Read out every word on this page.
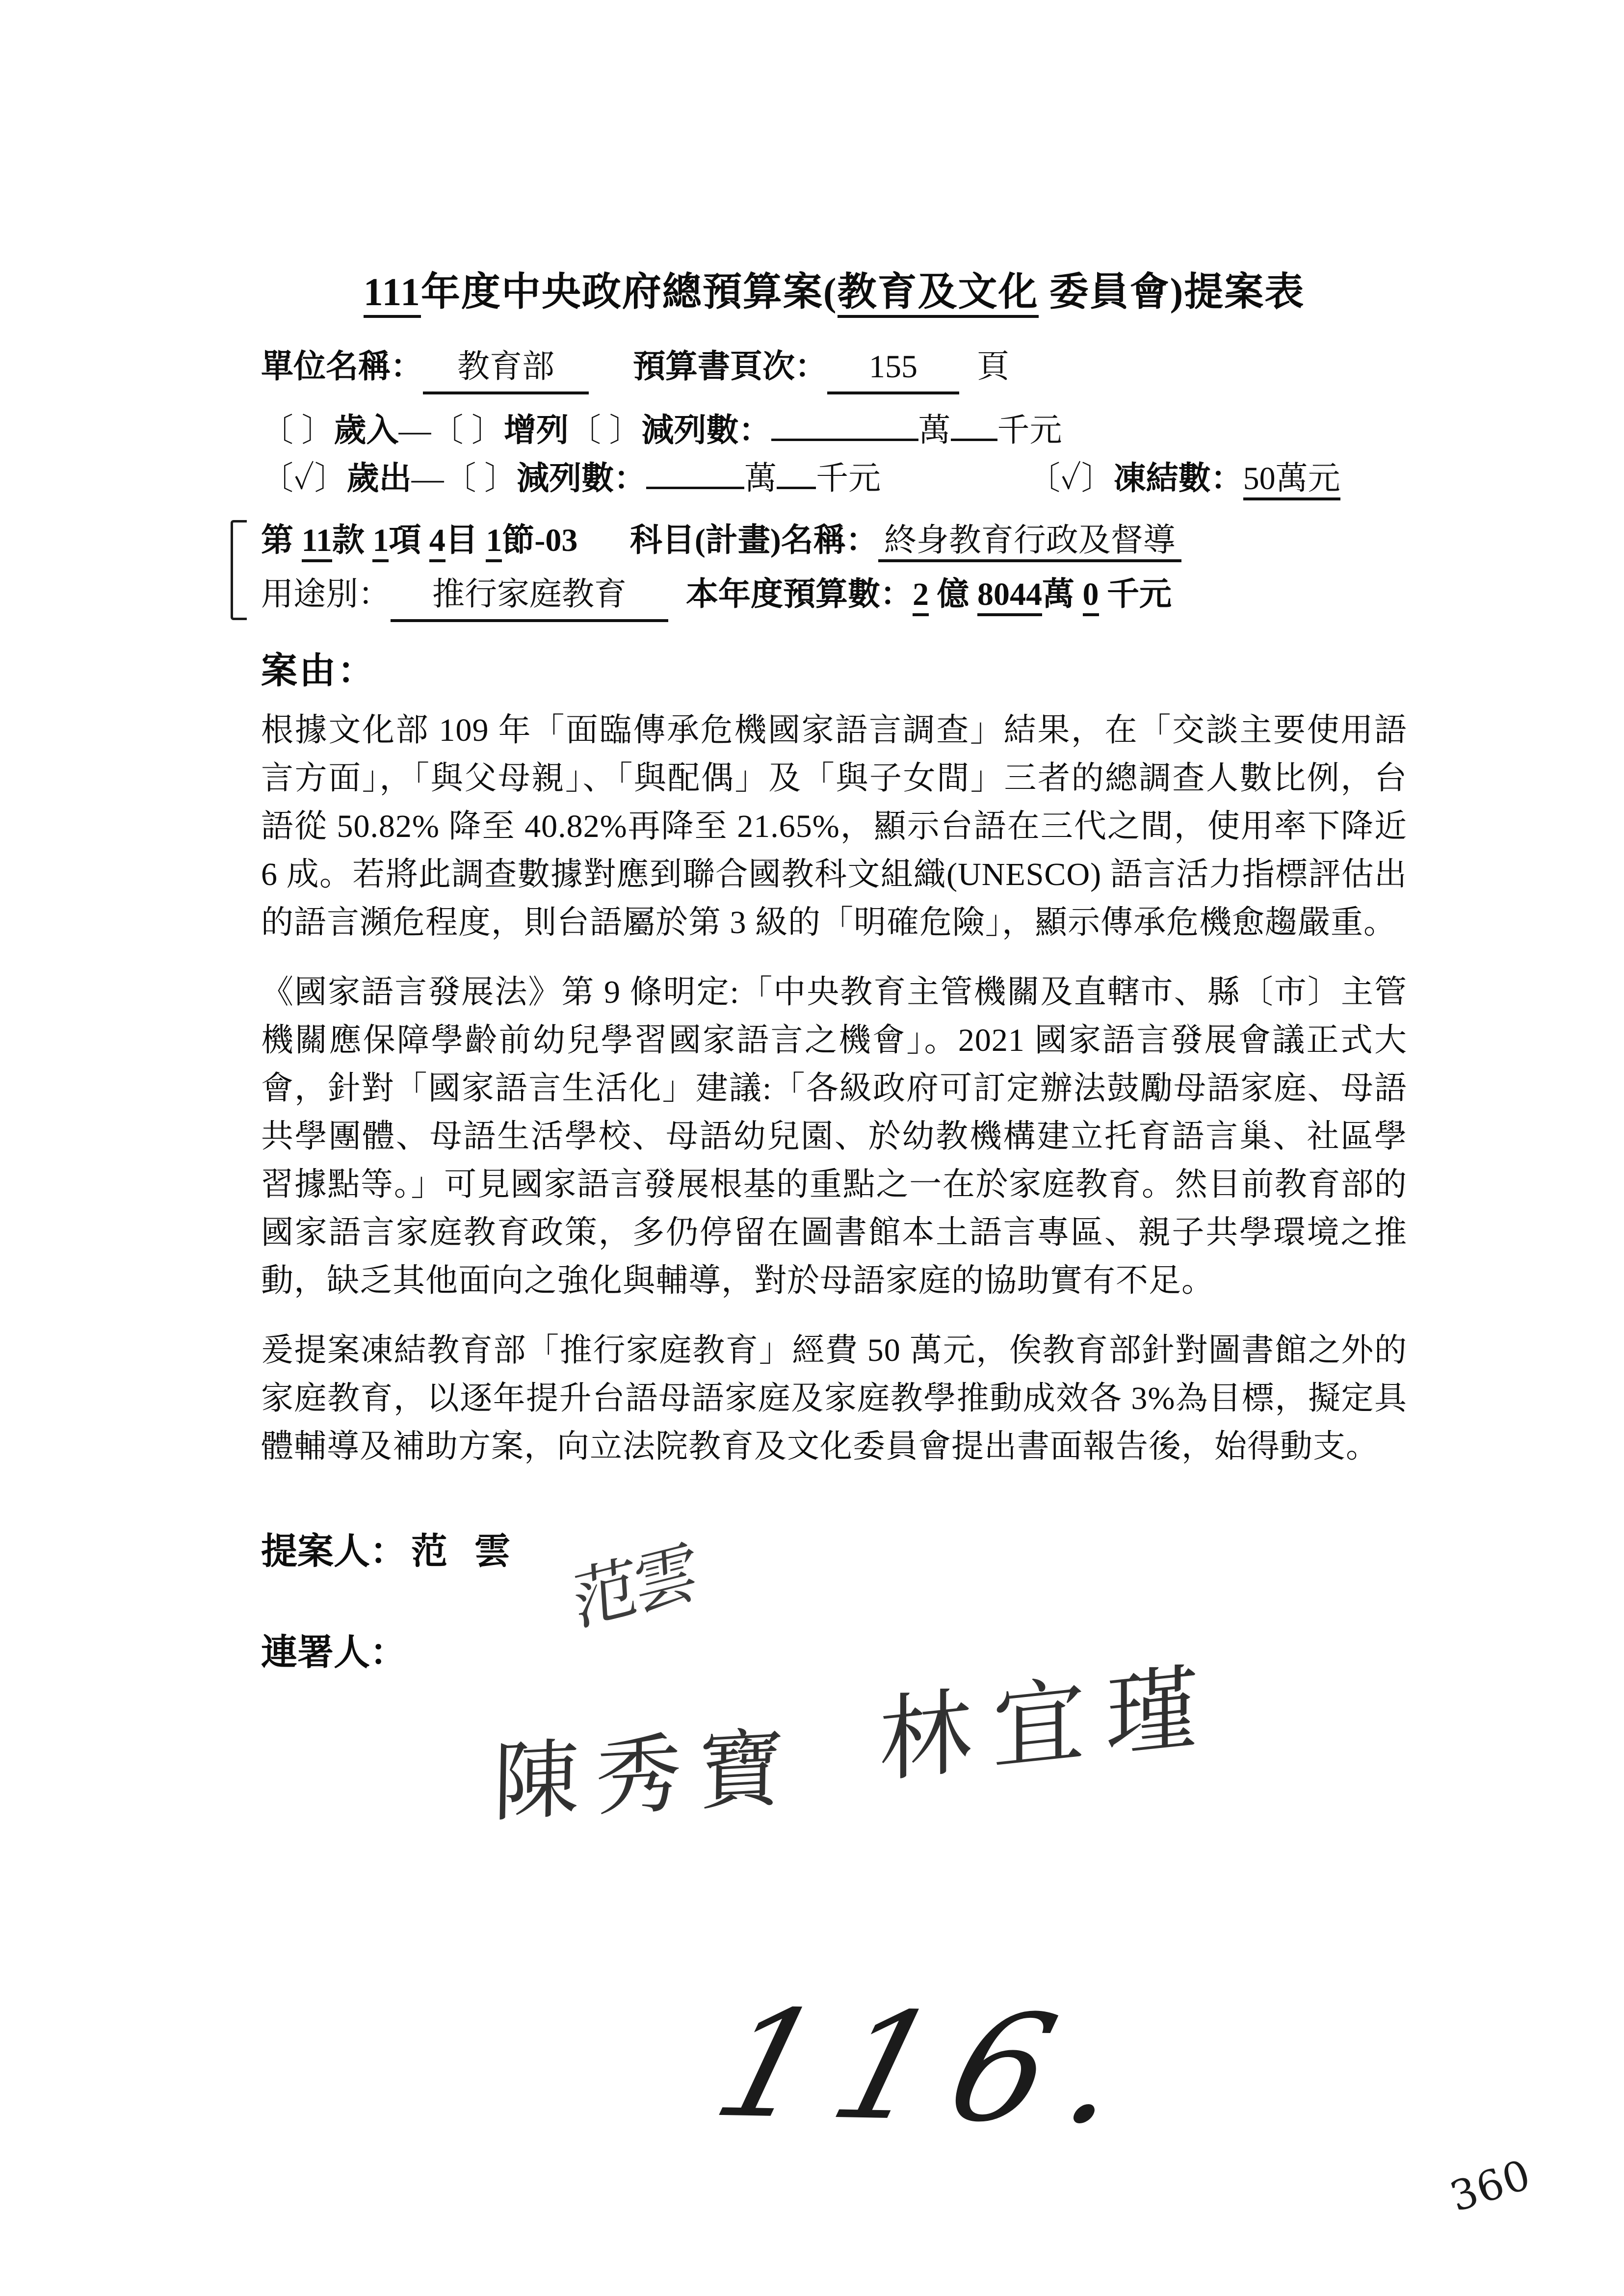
111年度中央政府總預算案(教育及文化 委員會)提案表
單位名稱： 教育部 預算書頁次： 155 頁
〔 〕歲入—〔 〕增列〔 〕減列數：	萬 千元
〔✓〕歲出—〔 〕減列數：	萬 千元	〔✓〕凍結數：50萬元
第 11款 1項 4目 1節-03 科目(計畫)名稱： 終身教育行政及督導
用途別： 推行家庭教育 本年度預算數：2 億 8044萬 0 千元
案由：

根據文化部 109 年「面臨傳承危機國家語言調查」結果，在「交談主要使用語言方面」，「與父母親」、「與配偶」及「與子女間」三者的總調查人數比例，台語從 50.82% 降至 40.82%再降至 21.65%，顯示台語在三代之間，使用率下降近 6 成。若將此調查數據對應到聯合國教科文組織(UNESCO) 語言活力指標評估出的語言瀕危程度，則台語屬於第 3 級的「明確危險」，顯示傳承危機愈趨嚴重。

《國家語言發展法》第 9 條明定:「中央教育主管機關及直轄市、縣〔市〕主管機關應保障學齡前幼兒學習國家語言之機會」。2021 國家語言發展會議正式大會，針對「國家語言生活化」建議:「各級政府可訂定辦法鼓勵母語家庭、母語共學團體、母語生活學校、母語幼兒園、於幼教機構建立托育語言巢、社區學習據點等。」可見國家語言發展根基的重點之一在於家庭教育。然目前教育部的國家語言家庭教育政策，多仍停留在圖書館本土語言專區、親子共學環境之推動，缺乏其他面向之強化與輔導，對於母語家庭的協助實有不足。

爰提案凍結教育部「推行家庭教育」經費 50 萬元，俟教育部針對圖書館之外的家庭教育，以逐年提升台語母語家庭及家庭教學推動成效各 3%為目標，擬定具體輔導及補助方案，向立法院教育及文化委員會提出書面報告後，始得動支。

提案人： 范 雲
連署人：
范雲
陳秀寶 林宜瑾
116.
360
